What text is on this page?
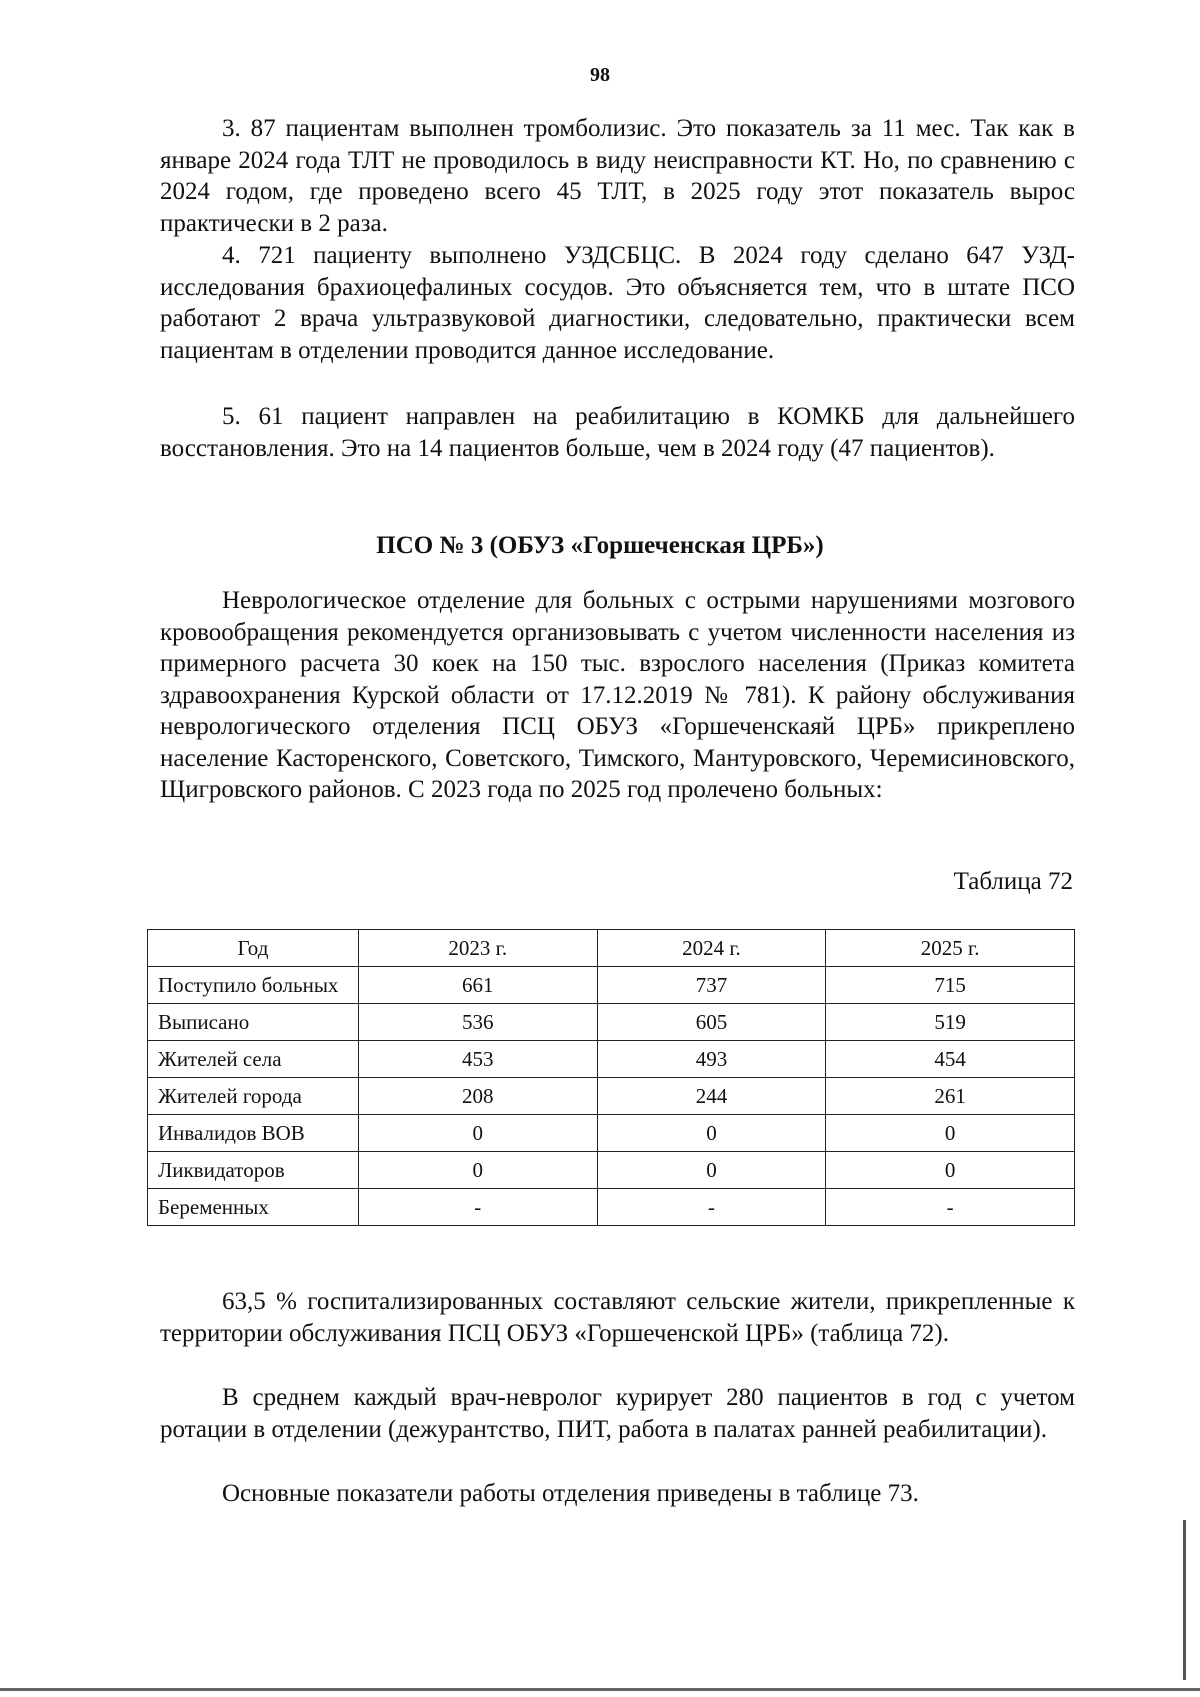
98

3. 87 пациентам выполнен тромболизис. Это показатель за 11 мес. Так как в январе 2024 года ТЛТ не проводилось в виду неисправности КТ. Но, по сравнению с 2024 годом, где проведено всего 45 ТЛТ, в 2025 году этот показатель вырос практически в 2 раза.

4. 721 пациенту выполнено УЗДСБЦС. В 2024 году сделано 647 УЗД-исследования брахиоцефалиных сосудов. Это объясняется тем, что в штате ПСО работают 2 врача ультразвуковой диагностики, следовательно, практически всем пациентам в отделении проводится данное исследование.

5. 61 пациент направлен на реабилитацию в КОМКБ для дальнейшего восстановления. Это на 14 пациентов больше, чем в 2024 году (47 пациентов).

ПСО № 3 (ОБУЗ «Горшеченская ЦРБ»)

Неврологическое отделение для больных с острыми нарушениями мозгового кровообращения рекомендуется организовывать с учетом численности населения из примерного расчета 30 коек на 150 тыс. взрослого населения (Приказ комитета здравоохранения Курской области от 17.12.2019 № 781). К району обслуживания неврологического отделения ПСЦ ОБУЗ «Горшеченскаяй ЦРБ» прикреплено население Касторенского, Советского, Тимского, Мантуровского, Черемисиновского, Щигровского районов. С 2023 года по 2025 год пролечено больных:

Таблица 72
Год	2023 г.	2024 г.	2025 г.
Поступило больных	661	737	715
Выписано	536	605	519
Жителей села	453	493	454
Жителей города	208	244	261
Инвалидов ВОВ	0	0	0
Ликвидаторов	0	0	0
Беременных	-	-	-

63,5 % госпитализированных составляют сельские жители, прикрепленные к территории обслуживания ПСЦ ОБУЗ «Горшеченской ЦРБ» (таблица 72).

В среднем каждый врач-невролог курирует 280 пациентов в год с учетом ротации в отделении (дежурантство, ПИТ, работа в палатах ранней реабилитации).

Основные показатели работы отделения приведены в таблице 73.
